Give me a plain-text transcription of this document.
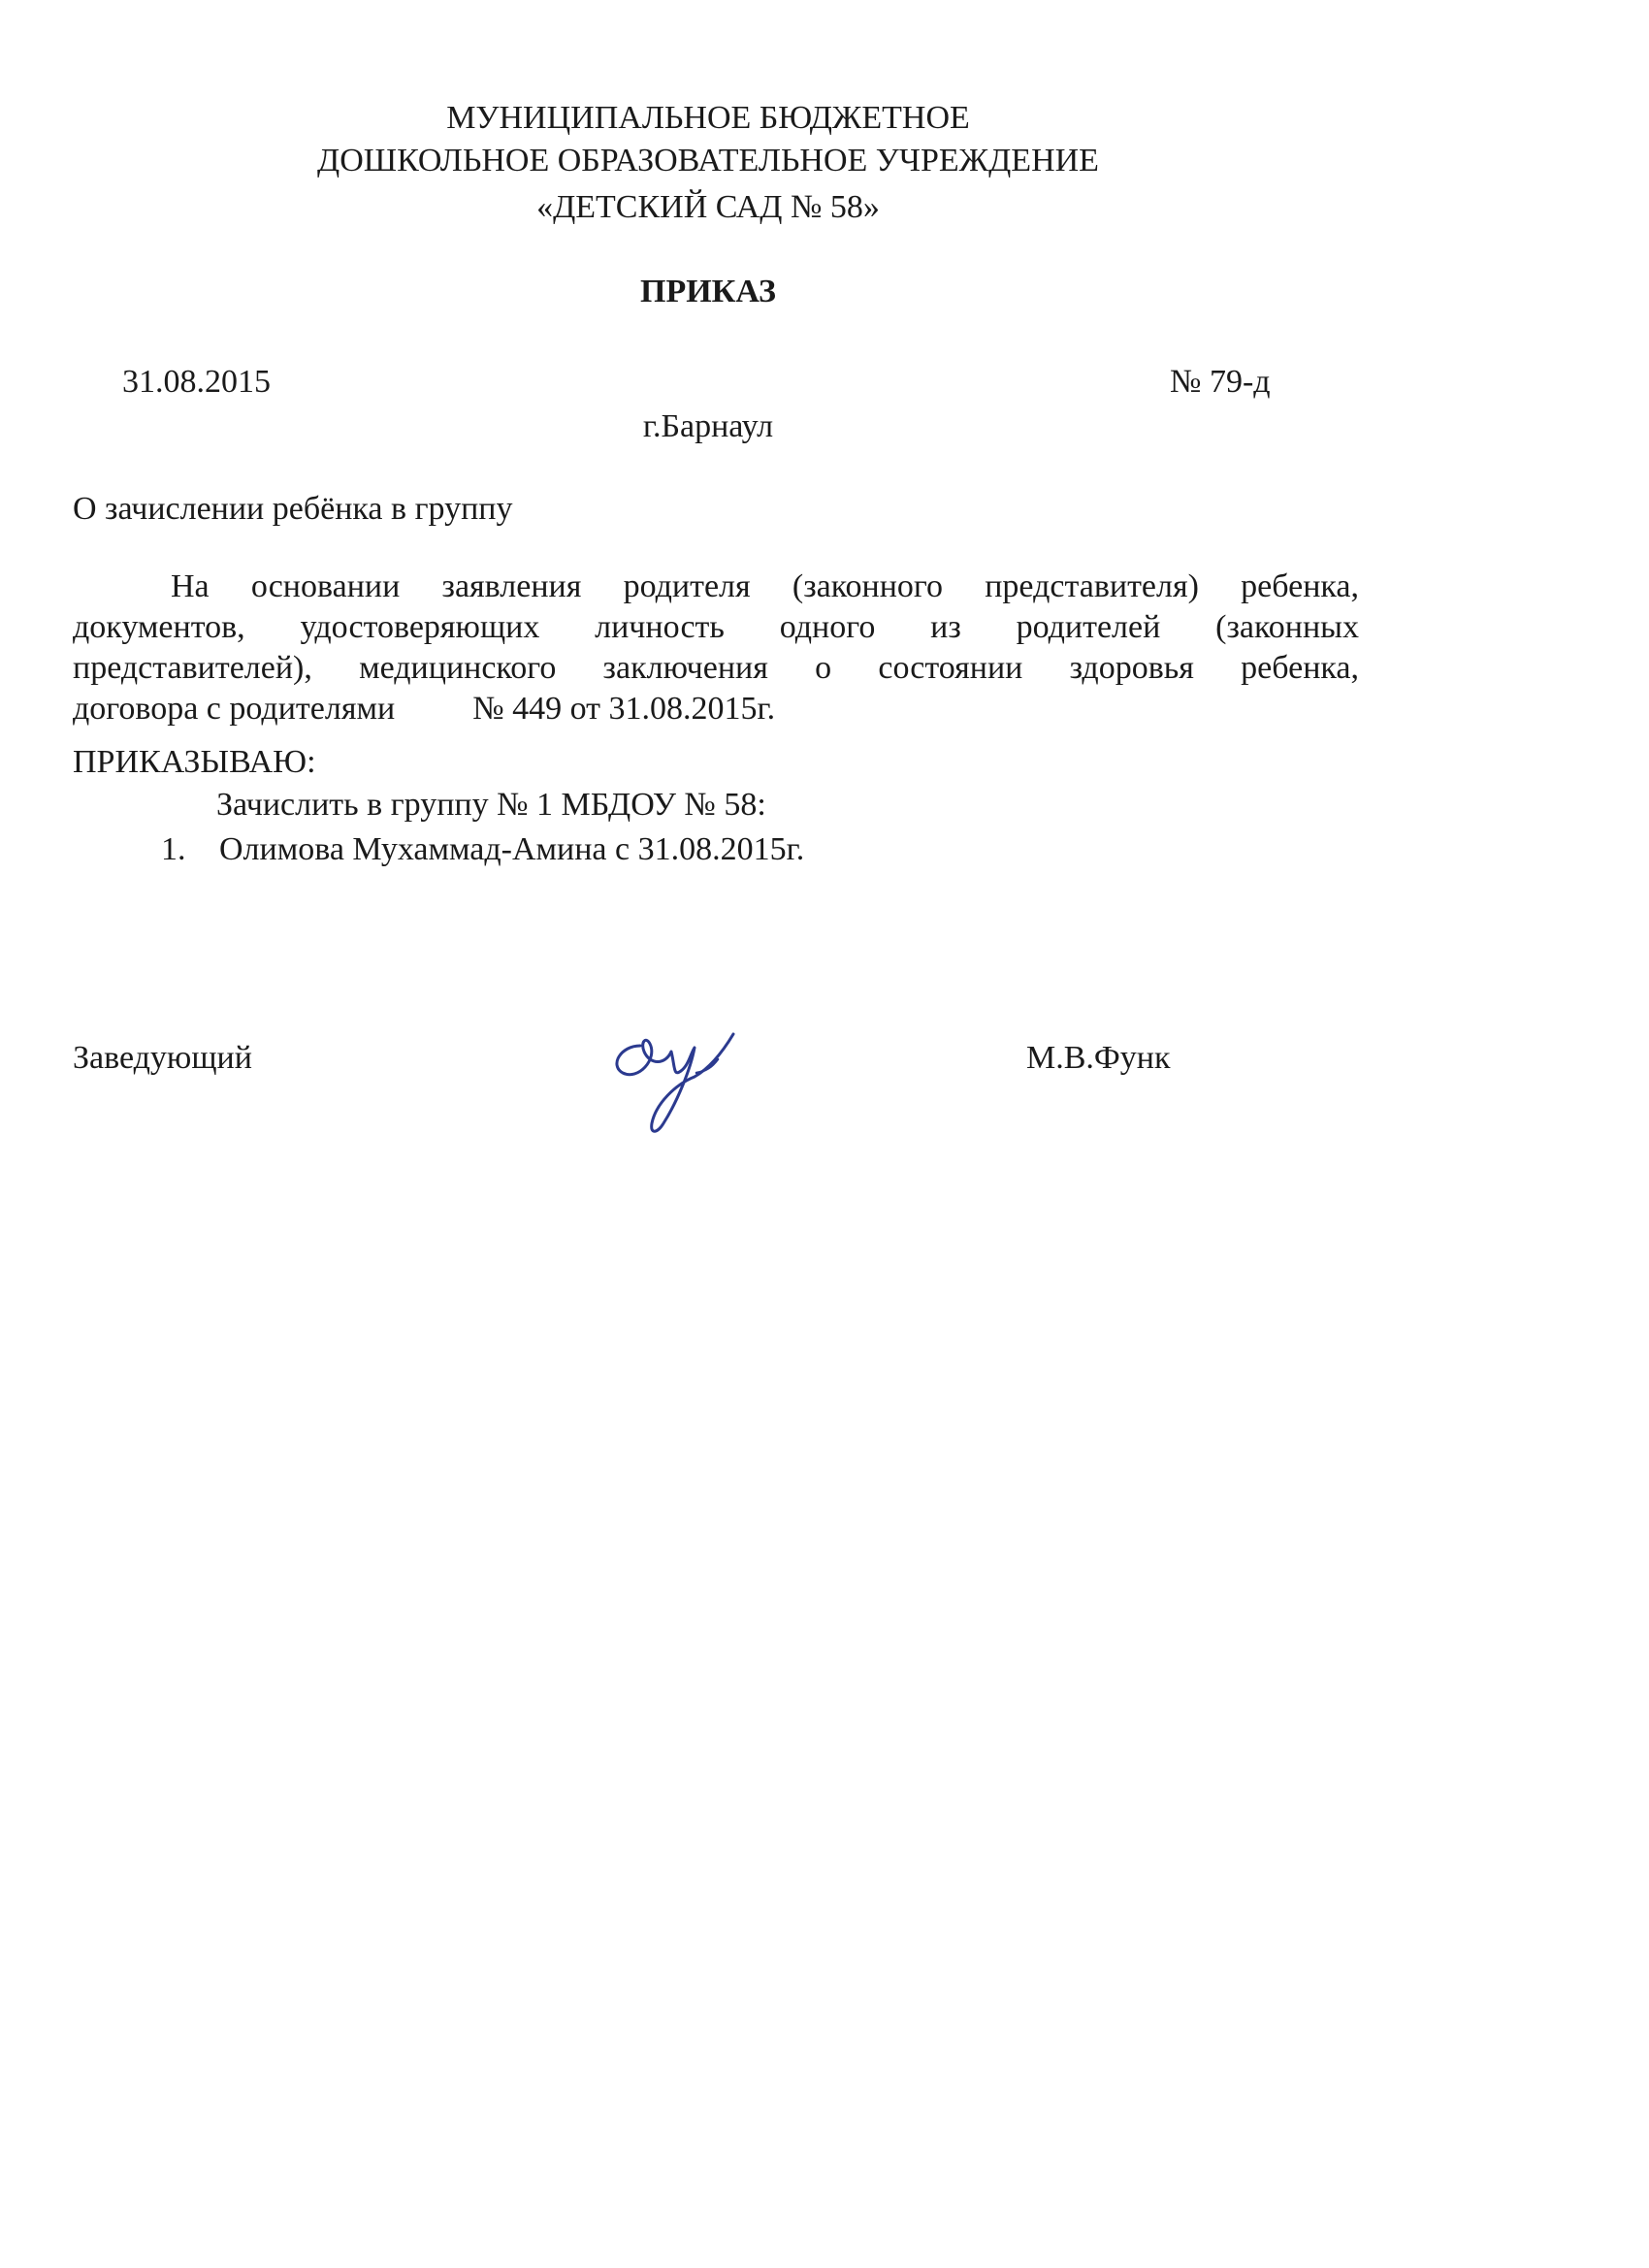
МУНИЦИПАЛЬНОЕ БЮДЖЕТНОЕ
ДОШКОЛЬНОЕ ОБРАЗОВАТЕЛЬНОЕ УЧРЕЖДЕНИЕ
«ДЕТСКИЙ САД № 58»
ПРИКАЗ
31.08.2015	№ 79-д
г.Барнаул
О зачислении ребёнка в группу
На основании заявления родителя (законного представителя) ребенка,
документов, удостоверяющих личность одного из родителей (законных
представителей), медицинского заключения о состоянии здоровья ребенка,
договора с родителями № 449 от 31.08.2015г.
ПРИКАЗЫВАЮ:
Зачислить в группу № 1 МБДОУ № 58:
1. Олимова Мухаммад-Амина с 31.08.2015г.
Заведующий	М.В.Функ
